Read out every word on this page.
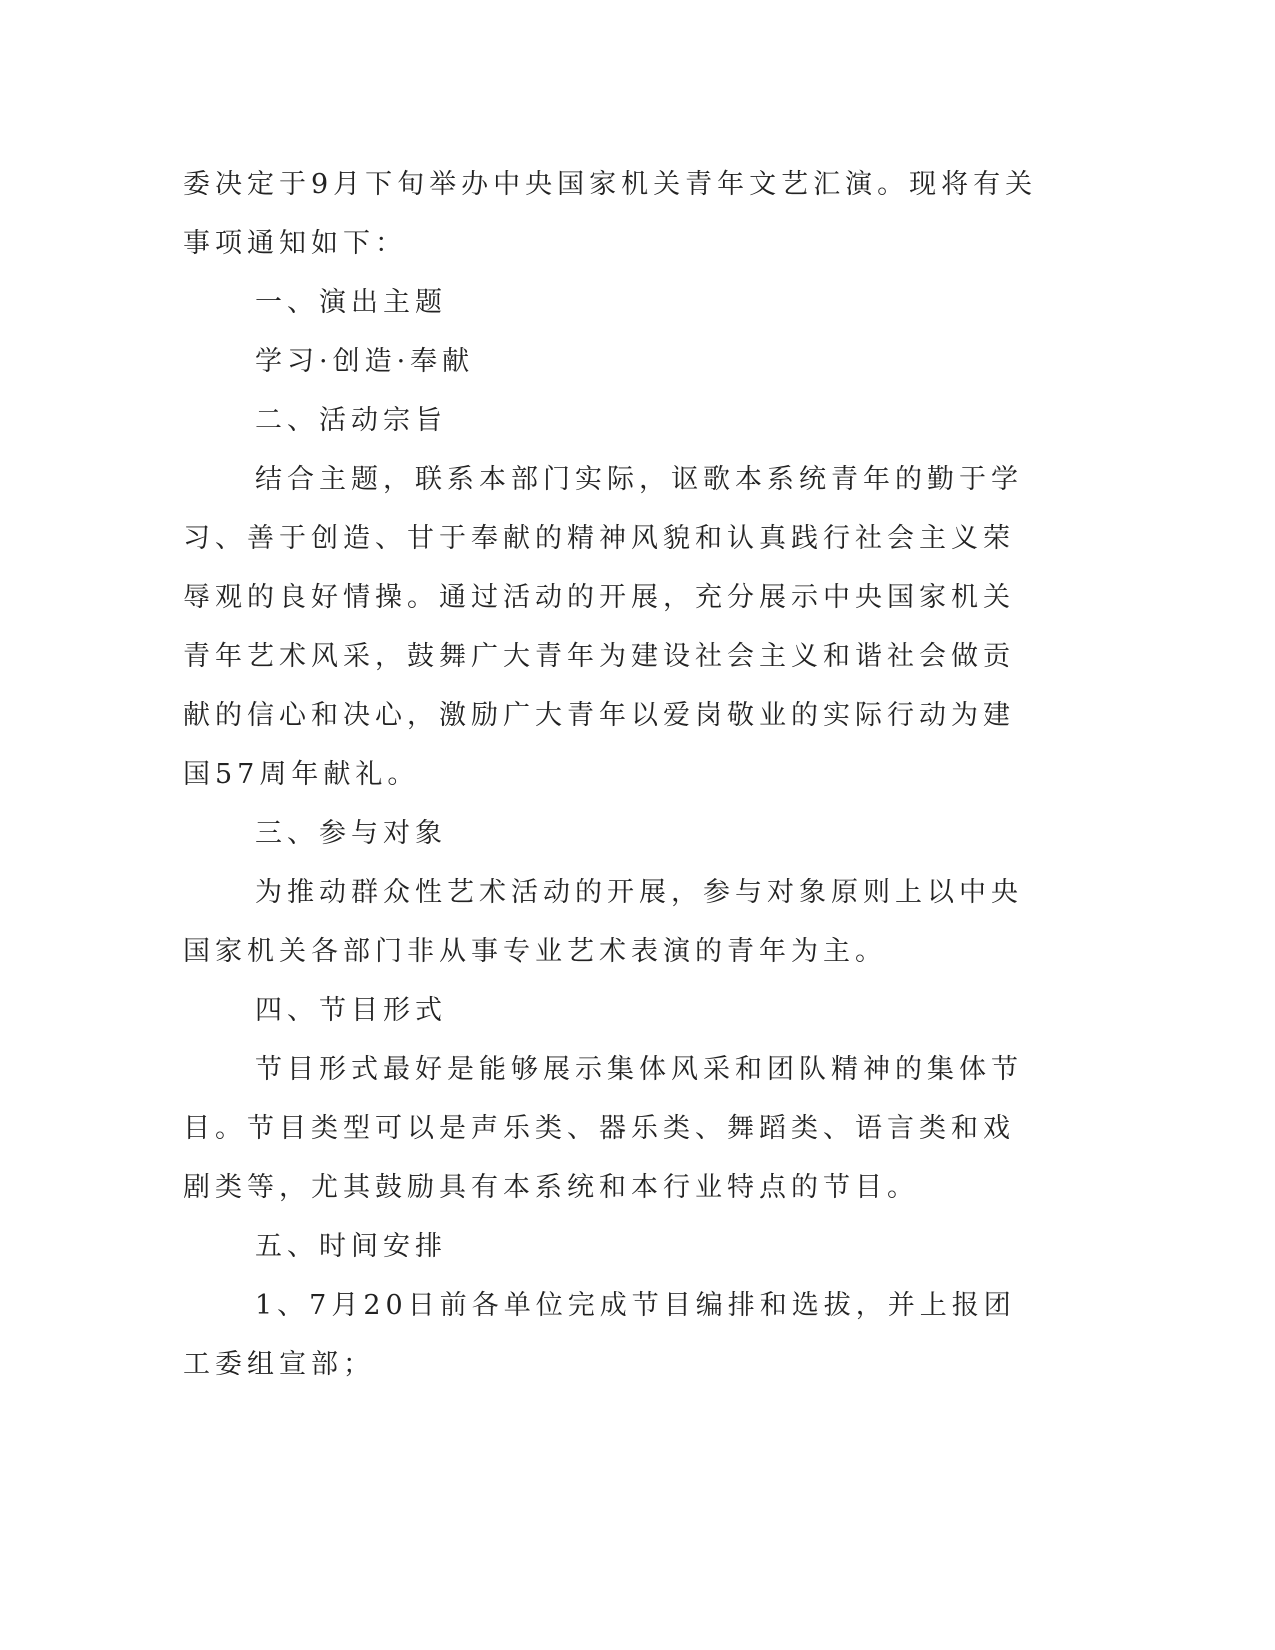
委决定于9月下旬举办中央国家机关青年文艺汇演。现将有关事项通知如下：

一、演出主题

学习·创造·奉献

二、活动宗旨

结合主题，联系本部门实际，讴歌本系统青年的勤于学习、善于创造、甘于奉献的精神风貌和认真践行社会主义荣辱观的良好情操。通过活动的开展，充分展示中央国家机关青年艺术风采，鼓舞广大青年为建设社会主义和谐社会做贡献的信心和决心，激励广大青年以爱岗敬业的实际行动为建国57周年献礼。

三、参与对象

为推动群众性艺术活动的开展，参与对象原则上以中央国家机关各部门非从事专业艺术表演的青年为主。

四、节目形式

节目形式最好是能够展示集体风采和团队精神的集体节目。节目类型可以是声乐类、器乐类、舞蹈类、语言类和戏剧类等，尤其鼓励具有本系统和本行业特点的节目。

五、时间安排

1、7月20日前各单位完成节目编排和选拔，并上报团工委组宣部；
